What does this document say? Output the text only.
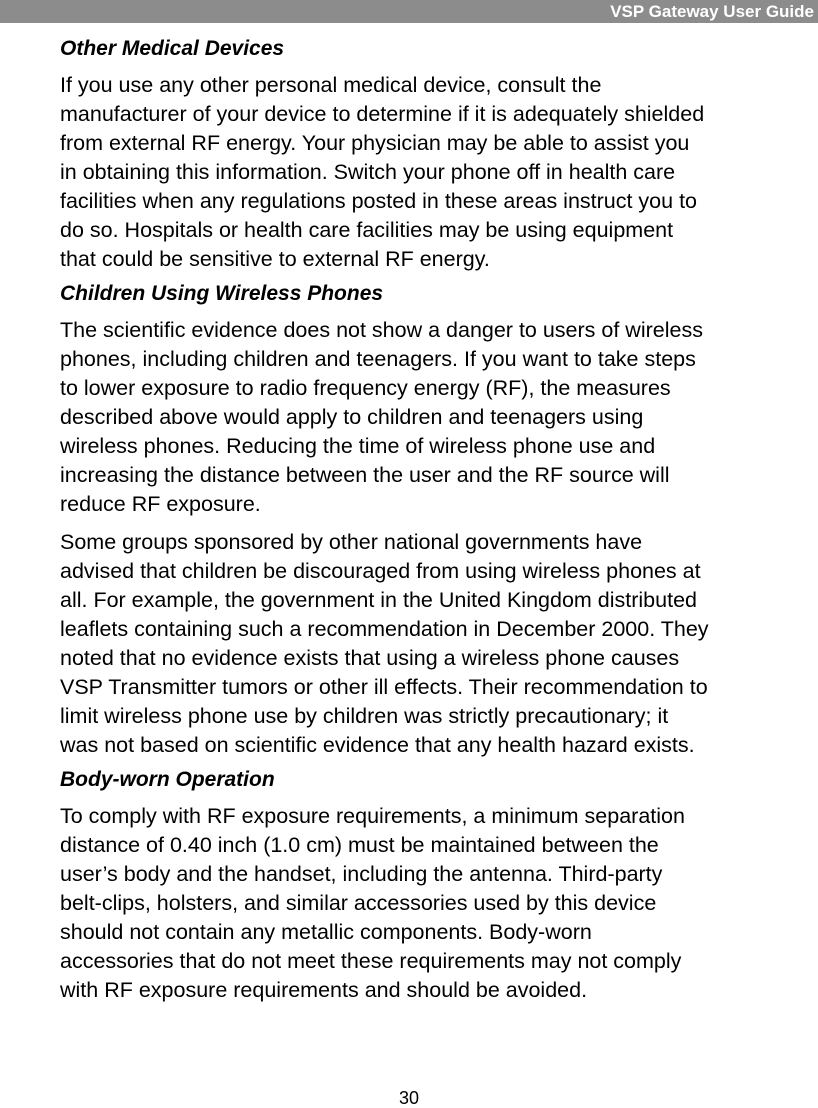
VSP Gateway User Guide
Other Medical Devices

If you use any other personal medical device, consult the
manufacturer of your device to determine if it is adequately shielded
from external RF energy. Your physician may be able to assist you
in obtaining this information. Switch your phone off in health care
facilities when any regulations posted in these areas instruct you to
do so. Hospitals or health care facilities may be using equipment
that could be sensitive to external RF energy.

Children Using Wireless Phones

The scientific evidence does not show a danger to users of wireless
phones, including children and teenagers. If you want to take steps
to lower exposure to radio frequency energy (RF), the measures
described above would apply to children and teenagers using
wireless phones. Reducing the time of wireless phone use and
increasing the distance between the user and the RF source will
reduce RF exposure.

Some groups sponsored by other national governments have
advised that children be discouraged from using wireless phones at
all. For example, the government in the United Kingdom distributed
leaflets containing such a recommendation in December 2000. They
noted that no evidence exists that using a wireless phone causes
VSP Transmitter tumors or other ill effects. Their recommendation to
limit wireless phone use by children was strictly precautionary; it
was not based on scientific evidence that any health hazard exists.

Body-worn Operation

To comply with RF exposure requirements, a minimum separation
distance of 0.40 inch (1.0 cm) must be maintained between the
user’s body and the handset, including the antenna. Third-party
belt-clips, holsters, and similar accessories used by this device
should not contain any metallic components. Body-worn
accessories that do not meet these requirements may not comply
with RF exposure requirements and should be avoided.

30
